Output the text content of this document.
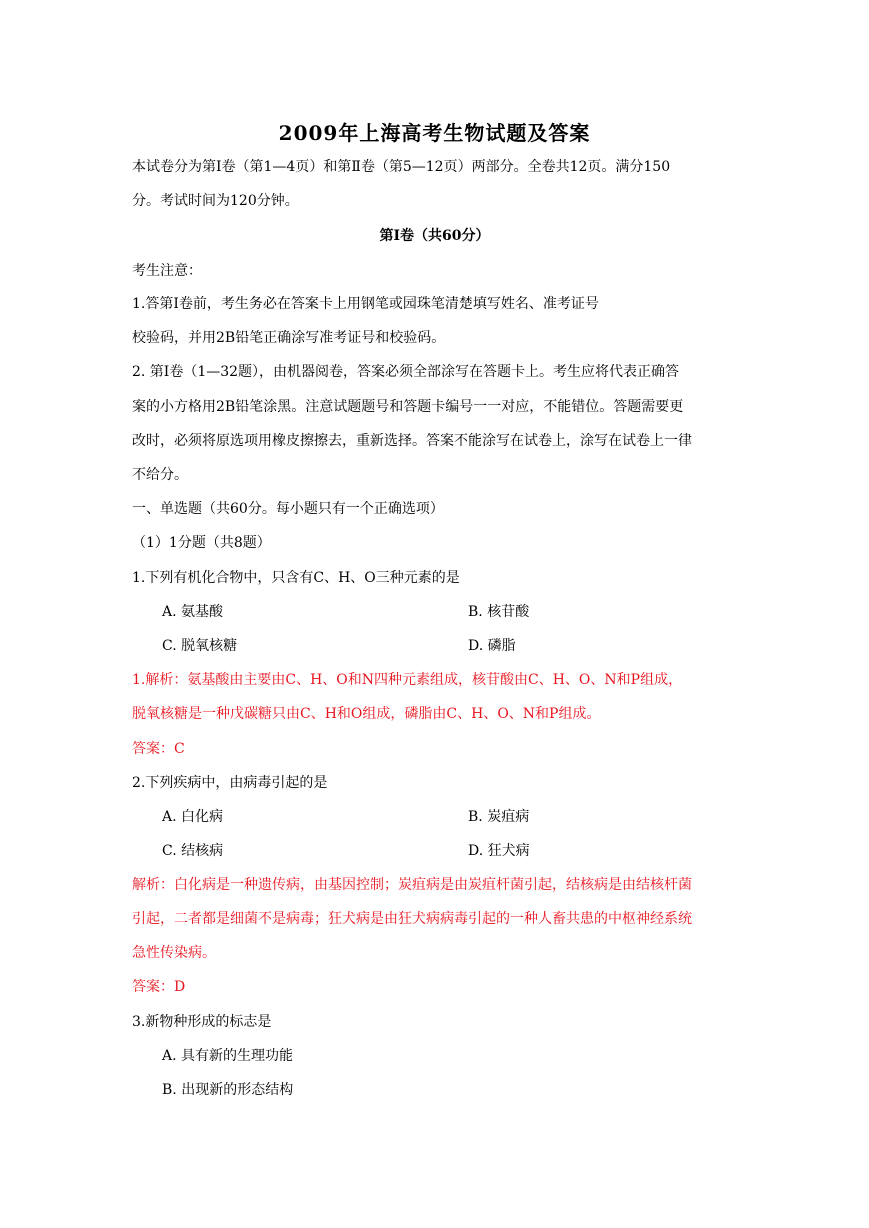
2009年上海高考生物试题及答案
本试卷分为第Ⅰ卷（第1—4页）和第Ⅱ卷（第5—12页）两部分。全卷共12页。满分150
分。考试时间为120分钟。
第Ⅰ卷（共60分）
考生注意：
1.答第Ⅰ卷前，考生务必在答案卡上用钢笔或园珠笔清楚填写姓名、准考证号
校验码，并用2B铅笔正确涂写准考证号和校验码。
2. 第Ⅰ卷（1—32题），由机器阅卷，答案必须全部涂写在答题卡上。考生应将代表正确答
案的小方格用2B铅笔涂黑。注意试题题号和答题卡编号一一对应，不能错位。答题需要更
改时，必须将原选项用橡皮擦擦去，重新选择。答案不能涂写在试卷上，涂写在试卷上一律
不给分。
一、单选题（共60分。每小题只有一个正确选项）
（1）1分题（共8题）
1.下列有机化合物中，只含有C、H、O三种元素的是
A. 氨基酸	B. 核苷酸
C. 脱氧核糖	D. 磷脂
1.解析：氨基酸由主要由C、H、O和N四种元素组成，核苷酸由C、H、O、N和P组成，
脱氧核糖是一种戊碳糖只由C、H和O组成，磷脂由C、H、O、N和P组成。
答案：C
2.下列疾病中，由病毒引起的是
A. 白化病	B. 炭疽病
C. 结核病	D. 狂犬病
解析：白化病是一种遗传病，由基因控制；炭疽病是由炭疽杆菌引起，结核病是由结核杆菌
引起，二者都是细菌不是病毒；狂犬病是由狂犬病病毒引起的一种人畜共患的中枢神经系统
急性传染病。
答案：D
3.新物种形成的标志是
A. 具有新的生理功能
B. 出现新的形态结构
